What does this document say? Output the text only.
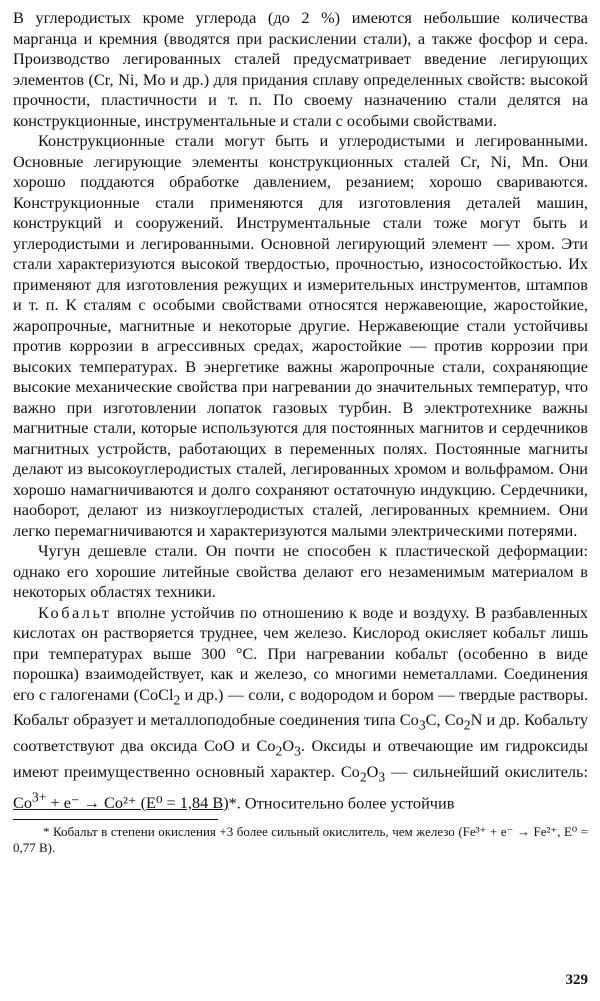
В углеродистых кроме углерода (до 2 %) имеются небольшие количества марганца и кремния (вводятся при раскислении стали), а также фосфор и сера. Производство легированных сталей предусматривает введение легирующих элементов (Cr, Ni, Mo и др.) для придания сплаву определенных свойств: высокой прочности, пластичности и т. п. По своему назначению стали делятся на конструкционные, инструментальные и стали с особыми свойствами.

Конструкционные стали могут быть и углеродистыми и легированными. Основные легирующие элементы конструкционных сталей Cr, Ni, Mn. Они хорошо поддаются обработке давлением, резанием; хорошо свариваются. Конструкционные стали применяются для изготовления деталей машин, конструкций и сооружений. Инструментальные стали тоже могут быть и углеродистыми и легированными. Основной легирующий элемент — хром. Эти стали характеризуются высокой твердостью, прочностью, износостойкостью. Их применяют для изготовления режущих и измерительных инструментов, штампов и т. п. К сталям с особыми свойствами относятся нержавеющие, жаростойкие, жаропрочные, магнитные и некоторые другие. Нержавеющие стали устойчивы против коррозии в агрессивных средах, жаростойкие — против коррозии при высоких температурах. В энергетике важны жаропрочные стали, сохраняющие высокие механические свойства при нагревании до значительных температур, что важно при изготовлении лопаток газовых турбин. В электротехнике важны магнитные стали, которые используются для постоянных магнитов и сердечников магнитных устройств, работающих в переменных полях. Постоянные магниты делают из высокоуглеродистых сталей, легированных хромом и вольфрамом. Они хорошо намагничиваются и долго сохраняют остаточную индукцию. Сердечники, наоборот, делают из низкоуглеродистых сталей, легированных кремнием. Они легко перемагничиваются и характеризуются малыми электрическими потерями.

Чугун дешевле стали. Он почти не способен к пластической деформации: однако его хорошие литейные свойства делают его незаменимым материалом в некоторых областях техники.

Кобальт вполне устойчив по отношению к воде и воздуху. В разбавленных кислотах он растворяется труднее, чем железо. Кислород окисляет кобальт лишь при температурах выше 300 °С. При нагревании кобальт (особенно в виде порошка) взаимодействует, как и железо, со многими неметаллами. Соединения его с галогенами (CoCl$_2$ и др.) — соли, с водородом и бором — твердые растворы. Кобальт образует и металлоподобные соединения типа $Co_3C$, $Co_2N$ и др. Кобальту соответствуют два оксида CoO и $Co_2O_3$. Оксиды и отвечающие им гидроксиды имеют преимущественно основный характер. $Co_2O_3$ — сильнейший окислитель: $Co^{3+} + e^- \to Co^{2+}$ (E⁰ = 1,84 В)*. Относительно более устойчив

* Кобальт в степени окисления +3 более сильный окислитель, чем железо (Fe³⁺ + e⁻ → Fe²⁺, E⁰ = 0,77 В).

329
